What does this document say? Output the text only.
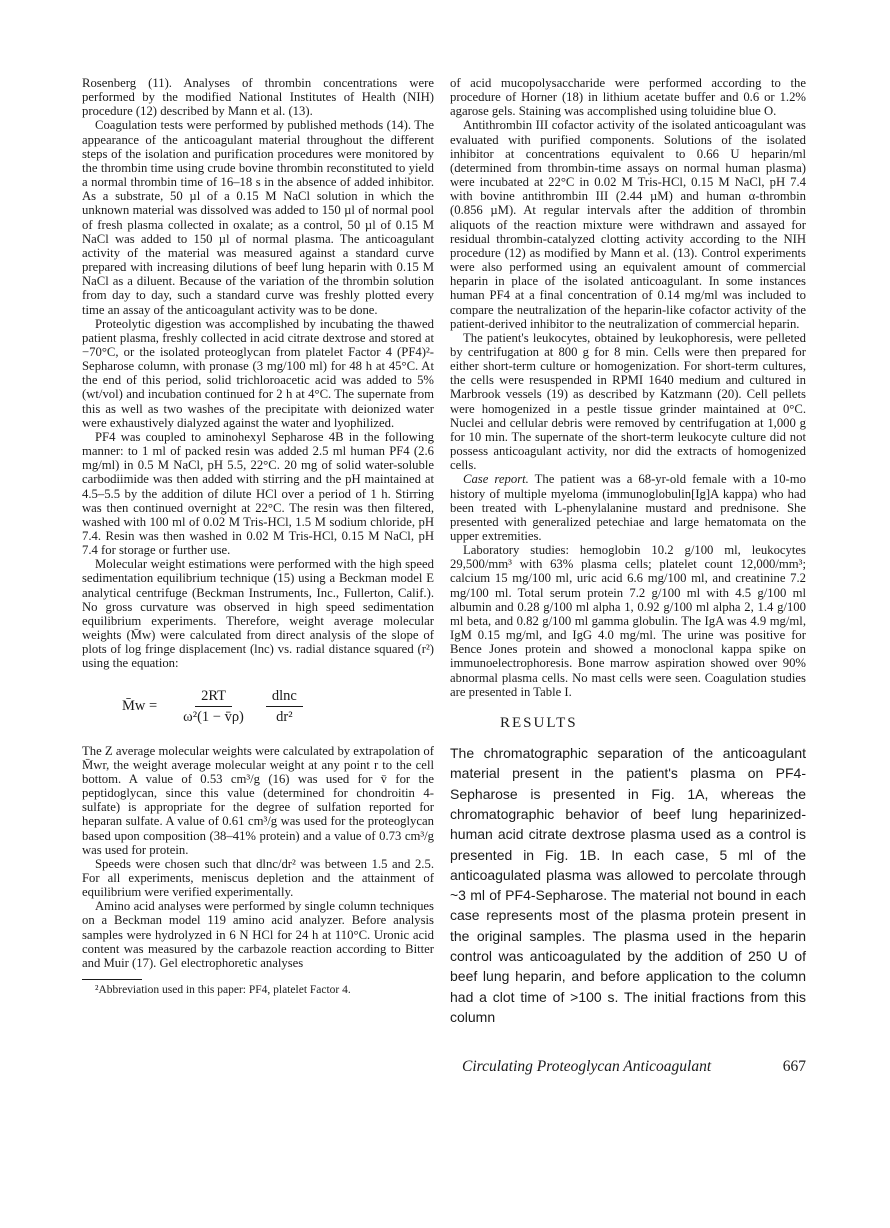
Rosenberg (11). Analyses of thrombin concentrations were performed by the modified National Institutes of Health (NIH) procedure (12) described by Mann et al. (13).

Coagulation tests were performed by published methods (14). The appearance of the anticoagulant material throughout the different steps of the isolation and purification procedures were monitored by the thrombin time using crude bovine thrombin reconstituted to yield a normal thrombin time of 16–18 s in the absence of added inhibitor. As a substrate, 50 µl of a 0.15 M NaCl solution in which the unknown material was dissolved was added to 150 µl of normal pool of fresh plasma collected in oxalate; as a control, 50 µl of 0.15 M NaCl was added to 150 µl of normal plasma. The anticoagulant activity of the material was measured against a standard curve prepared with increasing dilutions of beef lung heparin with 0.15 M NaCl as a diluent. Because of the variation of the thrombin solution from day to day, such a standard curve was freshly plotted every time an assay of the anticoagulant activity was to be done.

Proteolytic digestion was accomplished by incubating the thawed patient plasma, freshly collected in acid citrate dextrose and stored at −70°C, or the isolated proteoglycan from platelet Factor 4 (PF4)²-Sepharose column, with pronase (3 mg/100 ml) for 48 h at 45°C. At the end of this period, solid trichloroacetic acid was added to 5% (wt/vol) and incubation continued for 2 h at 4°C. The supernate from this as well as two washes of the precipitate with deionized water were exhaustively dialyzed against the water and lyophilized.

PF4 was coupled to aminohexyl Sepharose 4B in the following manner: to 1 ml of packed resin was added 2.5 ml human PF4 (2.6 mg/ml) in 0.5 M NaCl, pH 5.5, 22°C. 20 mg of solid water-soluble carbodiimide was then added with stirring and the pH maintained at 4.5–5.5 by the addition of dilute HCl over a period of 1 h. Stirring was then continued overnight at 22°C. The resin was then filtered, washed with 100 ml of 0.02 M Tris-HCl, 1.5 M sodium chloride, pH 7.4. Resin was then washed in 0.02 M Tris-HCl, 0.15 M NaCl, pH 7.4 for storage or further use.

Molecular weight estimations were performed with the high speed sedimentation equilibrium technique (15) using a Beckman model E analytical centrifuge (Beckman Instruments, Inc., Fullerton, Calif.). No gross curvature was observed in high speed sedimentation equilibrium experiments. Therefore, weight average molecular weights (M̄w) were calculated from direct analysis of the slope of plots of log fringe displacement (lnc) vs. radial distance squared (r²) using the equation:

M̄w = $\frac{2RT}{\text{ω²(1 − v̄ρ)}} \frac{dlnc}{\text{dr²}}$

The Z average molecular weights were calculated by extrapolation of M̄wr, the weight average molecular weight at any point r to the cell bottom. A value of 0.53 cm³/g (16) was used for v̄ for the peptidoglycan, since this value (determined for chondroitin 4-sulfate) is appropriate for the degree of sulfation reported for heparan sulfate. A value of 0.61 cm³/g was used for the proteoglycan based upon composition (38–41% protein) and a value of 0.73 cm³/g was used for protein.

Speeds were chosen such that dlnc/dr² was between 1.5 and 2.5. For all experiments, meniscus depletion and the attainment of equilibrium were verified experimentally.

Amino acid analyses were performed by single column techniques on a Beckman model 119 amino acid analyzer. Before analysis samples were hydrolyzed in 6 N HCl for 24 h at 110°C. Uronic acid content was measured by the carbazole reaction according to Bitter and Muir (17). Gel electrophoretic analyses

²Abbreviation used in this paper: PF4, platelet Factor 4.

of acid mucopolysaccharide were performed according to the procedure of Horner (18) in lithium acetate buffer and 0.6 or 1.2% agarose gels. Staining was accomplished using toluidine blue O.

Antithrombin III cofactor activity of the isolated anticoagulant was evaluated with purified components. Solutions of the isolated inhibitor at concentrations equivalent to 0.66 U heparin/ml (determined from thrombin-time assays on normal human plasma) were incubated at 22°C in 0.02 M Tris-HCl, 0.15 M NaCl, pH 7.4 with bovine antithrombin III (2.44 µM) and human α-thrombin (0.856 µM). At regular intervals after the addition of thrombin aliquots of the reaction mixture were withdrawn and assayed for residual thrombin-catalyzed clotting activity according to the NIH procedure (12) as modified by Mann et al. (13). Control experiments were also performed using an equivalent amount of commercial heparin in place of the isolated anticoagulant. In some instances human PF4 at a final concentration of 0.14 mg/ml was included to compare the neutralization of the heparin-like cofactor activity of the patient-derived inhibitor to the neutralization of commercial heparin.

The patient's leukocytes, obtained by leukophoresis, were pelleted by centrifugation at 800 g for 8 min. Cells were then prepared for either short-term culture or homogenization. For short-term cultures, the cells were resuspended in RPMI 1640 medium and cultured in Marbrook vessels (19) as described by Katzmann (20). Cell pellets were homogenized in a pestle tissue grinder maintained at 0°C. Nuclei and cellular debris were removed by centrifugation at 1,000 g for 10 min. The supernate of the short-term leukocyte culture did not possess anticoagulant activity, nor did the extracts of homogenized cells.

Case report. The patient was a 68-yr-old female with a 10-mo history of multiple myeloma (immunoglobulin[Ig]A kappa) who had been treated with L-phenylalanine mustard and prednisone. She presented with generalized petechiae and large hematomata on the upper extremities.

Laboratory studies: hemoglobin 10.2 g/100 ml, leukocytes 29,500/mm³ with 63% plasma cells; platelet count 12,000/mm³; calcium 15 mg/100 ml, uric acid 6.6 mg/100 ml, and creatinine 7.2 mg/100 ml. Total serum protein 7.2 g/100 ml with 4.5 g/100 ml albumin and 0.28 g/100 ml alpha 1, 0.92 g/100 ml alpha 2, 1.4 g/100 ml beta, and 0.82 g/100 ml gamma globulin. The IgA was 4.9 mg/ml, IgM 0.15 mg/ml, and IgG 4.0 mg/ml. The urine was positive for Bence Jones protein and showed a monoclonal kappa spike on immunoelectrophoresis. Bone marrow aspiration showed over 90% abnormal plasma cells. No mast cells were seen. Coagulation studies are presented in Table I.

RESULTS

The chromatographic separation of the anticoagulant material present in the patient's plasma on PF4-Sepharose is presented in Fig. 1A, whereas the chromatographic behavior of beef lung heparinized-human acid citrate dextrose plasma used as a control is presented in Fig. 1B. In each case, 5 ml of the anticoagulated plasma was allowed to percolate through ~3 ml of PF4-Sepharose. The material not bound in each case represents most of the plasma protein present in the original samples. The plasma used in the heparin control was anticoagulated by the addition of 250 U of beef lung heparin, and before application to the column had a clot time of >100 s. The initial fractions from this column

Circulating Proteoglycan Anticoagulant	667
